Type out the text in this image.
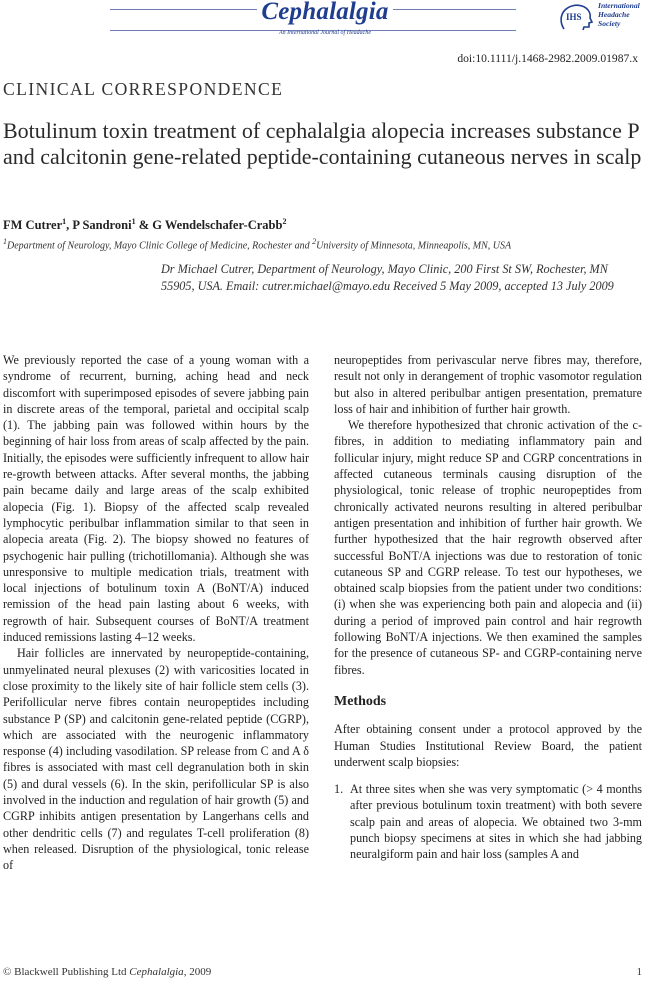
Cephalalgia
An International Journal of Headache
IHS
International
Headache
Society
doi:10.1111/j.1468-2982.2009.01987.x
CLINICAL CORRESPONDENCE
Botulinum toxin treatment of cephalalgia alopecia increases substance P and calcitonin gene-related peptide-containing cutaneous nerves in scalp
FM Cutrer$^1$, P Sandroni$^1$ & G Wendelschafer-Crabb$^2$
$^1$Department of Neurology, Mayo Clinic College of Medicine, Rochester and $^2$University of Minnesota, Minneapolis, MN, USA
Dr Michael Cutrer, Department of Neurology, Mayo Clinic, 200 First St SW, Rochester, MN 55905, USA. Email: cutrer.michael@mayo.edu Received 5 May 2009, accepted 13 July 2009

We previously reported the case of a young woman with a syndrome of recurrent, burning, aching head and neck discomfort with superimposed episodes of severe jabbing pain in discrete areas of the temporal, parietal and occipital scalp (1). The jabbing pain was followed within hours by the beginning of hair loss from areas of scalp affected by the pain. Initially, the episodes were sufficiently infrequent to allow hair re-growth between attacks. After several months, the jabbing pain became daily and large areas of the scalp exhibited alopecia (Fig. 1). Biopsy of the affected scalp revealed lymphocytic peribulbar inflammation similar to that seen in alopecia areata (Fig. 2). The biopsy showed no features of psychogenic hair pulling (trichotillomania). Although she was unresponsive to multiple medication trials, treatment with local injections of botulinum toxin A (BoNT/A) induced remission of the head pain lasting about 6 weeks, with regrowth of hair. Subsequent courses of BoNT/A treatment induced remissions lasting 4–12 weeks.

Hair follicles are innervated by neuropeptide-containing, unmyelinated neural plexuses (2) with varicosities located in close proximity to the likely site of hair follicle stem cells (3). Perifollicular nerve fibres contain neuropeptides including substance P (SP) and calcitonin gene-related peptide (CGRP), which are associated with the neurogenic inflammatory response (4) including vasodilation. SP release from C and A δ fibres is associated with mast cell degranulation both in skin (5) and dural vessels (6). In the skin, perifollicular SP is also involved in the induction and regulation of hair growth (5) and CGRP inhibits antigen presentation by Langerhans cells and other dendritic cells (7) and regulates T-cell proliferation (8) when released. Disruption of the physiological, tonic release of

neuropeptides from perivascular nerve fibres may, therefore, result not only in derangement of trophic vasomotor regulation but also in altered peribulbar antigen presentation, premature loss of hair and inhibition of further hair growth.

We therefore hypothesized that chronic activation of the c-fibres, in addition to mediating inflammatory pain and follicular injury, might reduce SP and CGRP concentrations in affected cutaneous terminals causing disruption of the physiological, tonic release of trophic neuropeptides from chronically activated neurons resulting in altered peribulbar antigen presentation and inhibition of further hair growth. We further hypothesized that the hair regrowth observed after successful BoNT/A injections was due to restoration of tonic cutaneous SP and CGRP release. To test our hypotheses, we obtained scalp biopsies from the patient under two conditions: (i) when she was experiencing both pain and alopecia and (ii) during a period of improved pain control and hair regrowth following BoNT/A injections. We then examined the samples for the presence of cutaneous SP- and CGRP-containing nerve fibres.

Methods

After obtaining consent under a protocol approved by the Human Studies Institutional Review Board, the patient underwent scalp biopsies:

1. At three sites when she was very symptomatic (> 4 months after previous botulinum toxin treatment) with both severe scalp pain and areas of alopecia. We obtained two 3-mm punch biopsy specimens at sites in which she had jabbing neuralgiform pain and hair loss (samples A and
© Blackwell Publishing Ltd Cephalalgia, 2009	1
